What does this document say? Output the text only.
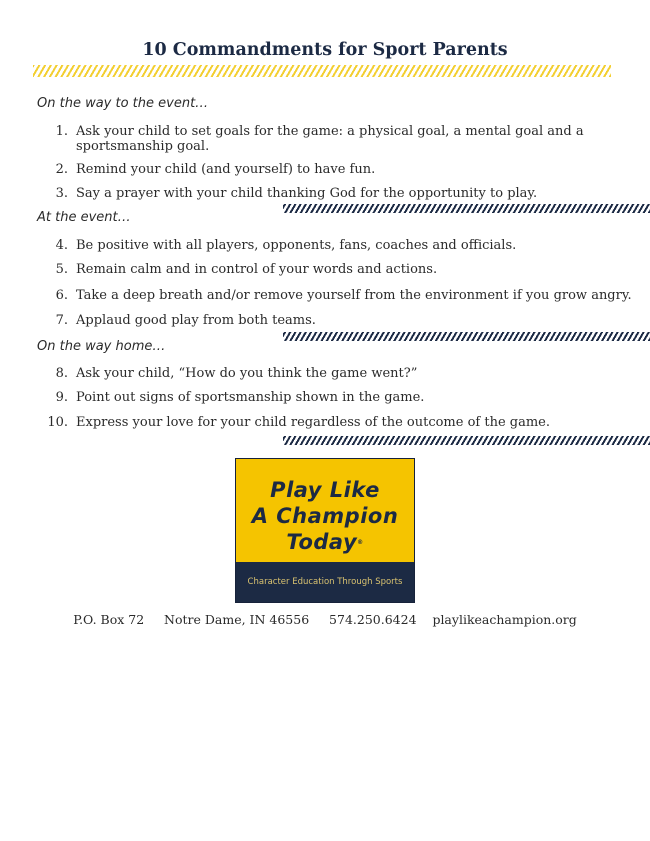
10 Commandments for Sport Parents
On the way to the event…
1. Ask your child to set goals for the game: a physical goal, a mental goal and a sportsmanship goal.
2. Remind your child (and yourself) to have fun.
3. Say a prayer with your child thanking God for the opportunity to play.
At the event…
4. Be positive with all players, opponents, fans, coaches and officials.
5. Remain calm and in control of your words and actions.
6. Take a deep breath and/or remove yourself from the environment if you grow angry.
7. Applaud good play from both teams.
On the way home…
8. Ask your child, “How do you think the game went?”
9. Point out signs of sportsmanship shown in the game.
10. Express your love for your child regardless of the outcome of the game.
Play Like
A Champion
Today®
Character Education Through Sports
P.O. Box 72 Notre Dame, IN 46556 574.250.6424 playlikeachampion.org
